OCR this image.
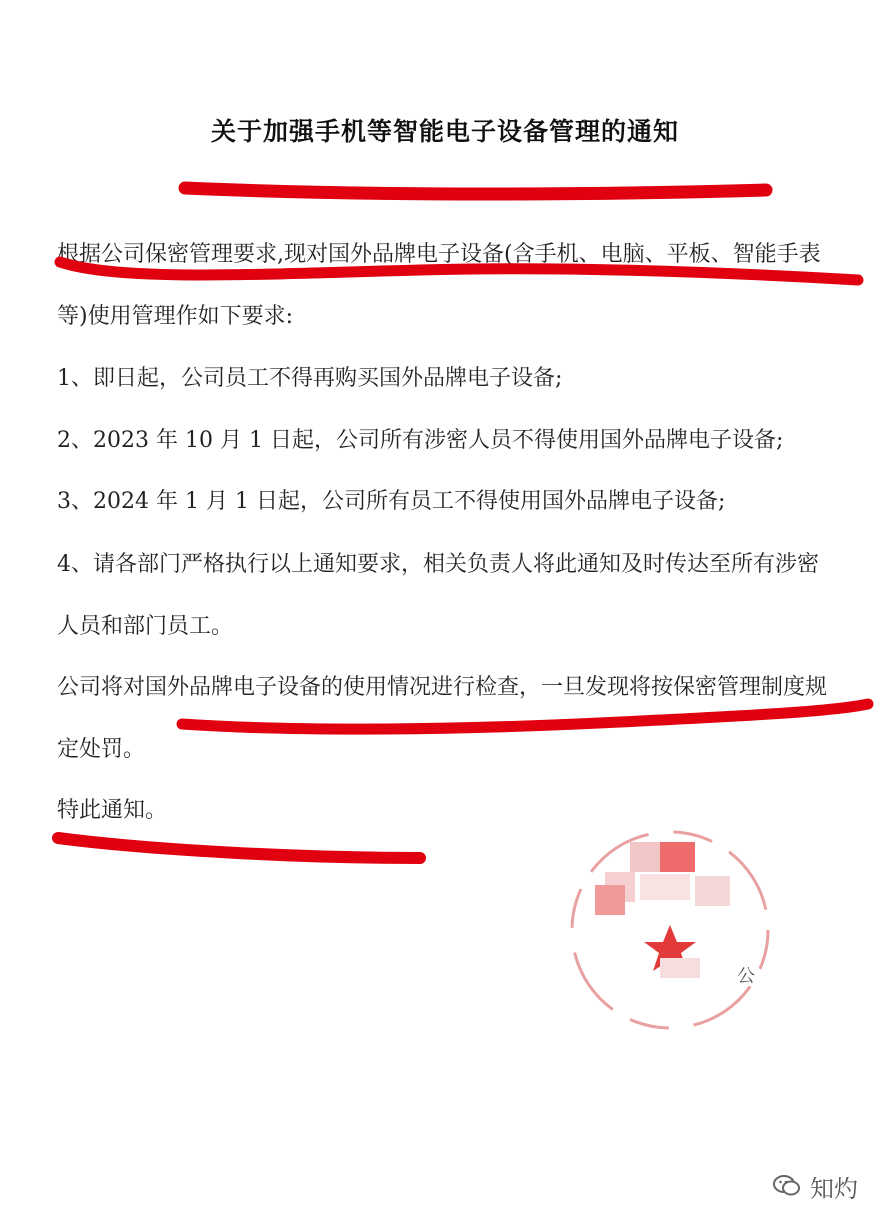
关于加强手机等智能电子设备管理的通知
根据公司保密管理要求,现对国外品牌电子设备(含手机、电脑、平板、智能手表
等)使用管理作如下要求:
1、即日起，公司员工不得再购买国外品牌电子设备;
2、2023 年 10 月 1 日起，公司所有涉密人员不得使用国外品牌电子设备;
3、2024 年 1 月 1 日起，公司所有员工不得使用国外品牌电子设备;
4、请各部门严格执行以上通知要求，相关负责人将此通知及时传达至所有涉密
人员和部门员工。
公司将对国外品牌电子设备的使用情况进行检查，一旦发现将按保密管理制度规
定处罚。
特此通知。
公
知灼
